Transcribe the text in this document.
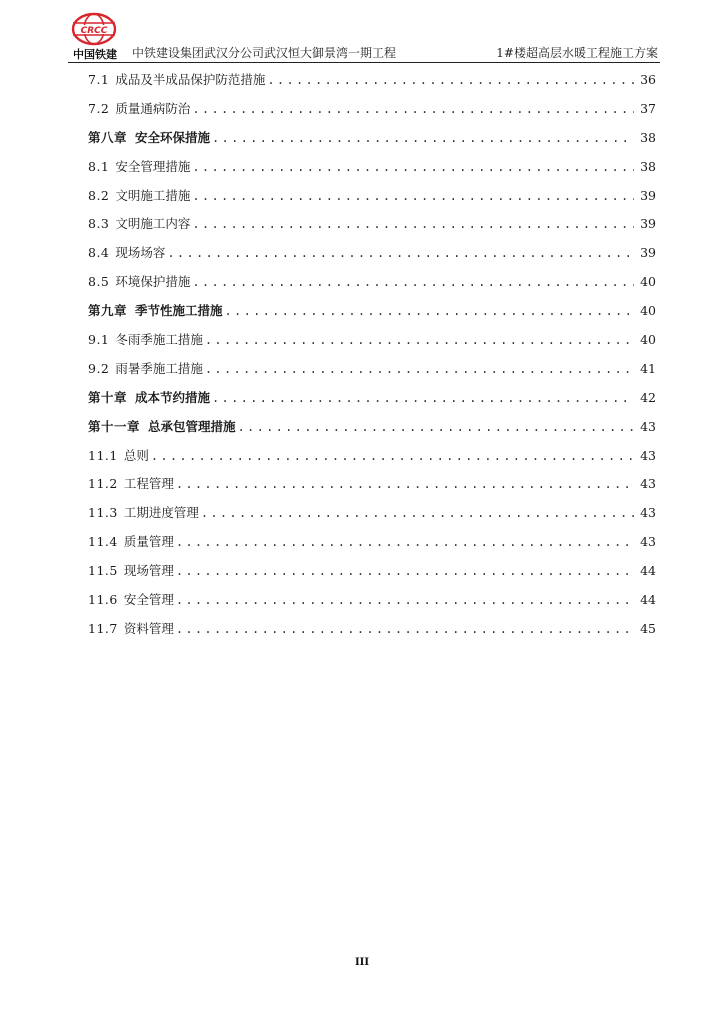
CRCC
中国铁建	中铁建设集团武汉分公司武汉恒大御景湾一期工程	1#楼超高层水暖工程施工方案
7.1 成品及半成品保护防范措施 .....	36
7.2 质量通病防治 .....	37
第八章 安全环保措施 .....	38
8.1 安全管理措施 .....	38
8.2 文明施工措施 .....	39
8.3 文明施工内容 .....	39
8.4 现场场容 .....	39
8.5 环境保护措施 .....	40
第九章 季节性施工措施 .....	40
9.1 冬雨季施工措施 .....	40
9.2 雨暑季施工措施 .....	41
第十章 成本节约措施 .....	42
第十一章 总承包管理措施 .....	43
11.1 总则 .....	43
11.2 工程管理 .....	43
11.3 工期进度管理 .....	43
11.4 质量管理 .....	43
11.5 现场管理 .....	44
11.6 安全管理 .....	44
11.7 资料管理 .....	45
III
